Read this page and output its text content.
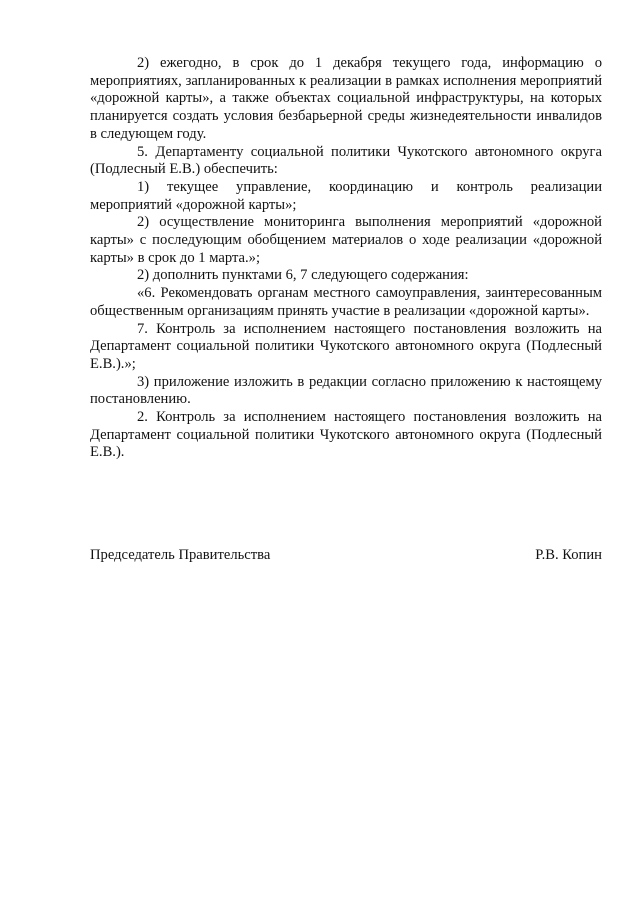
2) ежегодно, в срок до 1 декабря текущего года, информацию о мероприятиях, запланированных к реализации в рамках исполнения мероприятий «дорожной карты», а также объектах социальной инфраструктуры, на которых планируется создать условия безбарьерной среды жизнедеятельности инвалидов в следующем году.

5. Департаменту социальной политики Чукотского автономного округа (Подлесный Е.В.) обеспечить:

1) текущее управление, координацию и контроль реализации мероприятий «дорожной карты»;

2) осуществление мониторинга выполнения мероприятий «дорожной карты» с последующим обобщением материалов о ходе реализации «дорожной карты» в срок до 1 марта.»;

2) дополнить пунктами 6, 7 следующего содержания:

«6. Рекомендовать органам местного самоуправления, заинтересованным общественным организациям принять участие в реализации «дорожной карты».

7. Контроль за исполнением настоящего постановления возложить на Департамент социальной политики Чукотского автономного округа (Подлесный Е.В.).»;

3) приложение изложить в редакции согласно приложению к настоящему постановлению.

2. Контроль за исполнением настоящего постановления возложить на Департамент социальной политики Чукотского автономного округа (Подлесный Е.В.).

Председатель Правительства	Р.В. Копин
